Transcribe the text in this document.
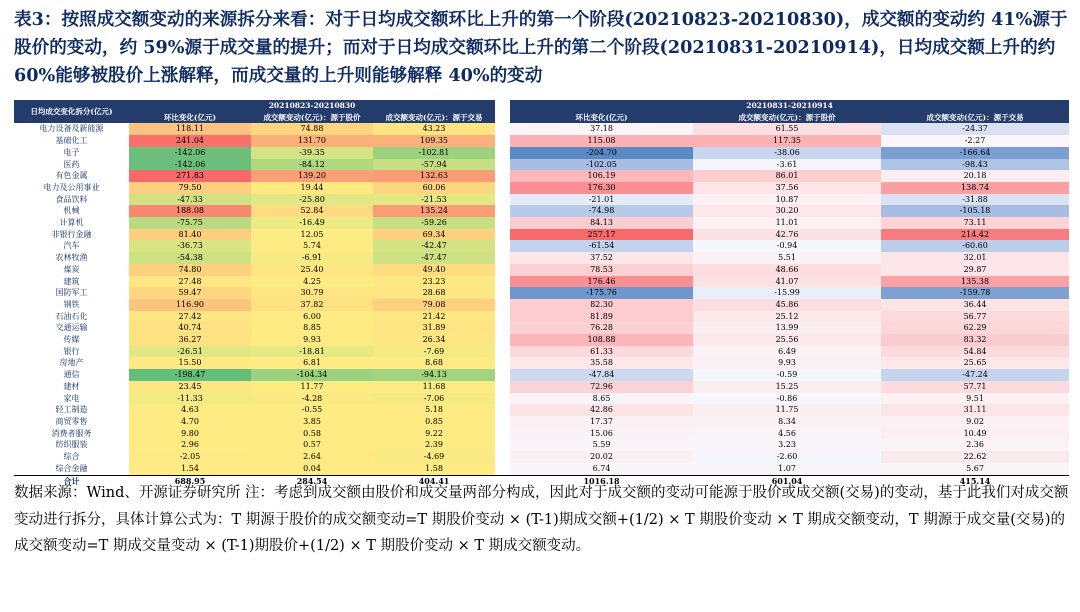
表3：按照成交额变动的来源拆分来看：对于日均成交额环比上升的第一个阶段(20210823-20210830)，成交额的变动约 41%源于股价的变动，约 59%源于成交量的提升；而对于日均成交额环比上升的第二个阶段(20210831-20210914)，日均成交额上升的约 60%能够被股价上涨解释，而成交量的上升则能够解释 40%的变动

日均成交变化拆分(亿元)	20210823-20210830				20210831-20210914		
	环比变化(亿元)	成交额变动(亿元)：源于股价	成交额变动(亿元)：源于交易		环比变化(亿元)	成交额变动(亿元)：源于股价	成交额变动(亿元)：源于交易
电力设备及新能源	118.11	74.88	43.23		37.18	61.55	-24.37
基础化工	241.04	131.70	109.35		115.08	117.35	-2.27
电子	-142.06	-39.35	-102.81		-204.70	-38.06	-166.64
医药	-142.06	-84.12	-57.94		-102.05	-3.61	-98.43
有色金属	271.83	139.20	132.63		106.19	86.01	20.18
电力及公用事业	79.50	19.44	60.06		176.30	37.56	138.74
食品饮料	-47.33	-25.80	-21.53		-21.01	10.87	-31.88
机械	188.08	52.84	135.24		-74.98	30.20	-105.18
计算机	-75.75	-16.49	-59.26		84.13	11.01	73.11
非银行金融	81.40	12.05	69.34		257.17	42.76	214.42
汽车	-36.73	5.74	-42.47		-61.54	-0.94	-60.60
农林牧渔	-54.38	-6.91	-47.47		37.52	5.51	32.01
煤炭	74.80	25.40	49.40		78.53	48.66	29.87
建筑	27.48	4.25	23.23		176.46	41.07	135.38
国防军工	59.47	30.79	28.68		-175.76	-15.99	-159.78
钢铁	116.90	37.82	79.08		82.30	45.86	36.44
石油石化	27.42	6.00	21.42		81.89	25.12	56.77
交通运输	40.74	8.85	31.89		76.28	13.99	62.29
传媒	36.27	9.93	26.34		108.88	25.56	83.32
银行	-26.51	-18.81	-7.69		61.33	6.49	54.84
房地产	15.50	6.81	8.68		35.58	9.93	25.65
通信	-198.47	-104.34	-94.13		-47.84	-0.59	-47.24
建材	23.45	11.77	11.68		72.96	15.25	57.71
家电	-11.33	-4.28	-7.06		8.65	-0.86	9.51
轻工制造	4.63	-0.55	5.18		42.86	11.75	31.11
商贸零售	4.70	3.85	0.85		17.37	8.34	9.02
消费者服务	9.80	0.58	9.22		15.06	4.56	10.49
纺织服装	2.96	0.57	2.39		5.59	3.23	2.36
综合	-2.05	2.64	-4.69		20.02	-2.60	22.62
综合金融	1.54	0.04	1.58		6.74	1.07	5.67
合计	688.95	284.54	404.41		1016.18	601.04	415.14
数据来源：Wind、开源证券研究所 注：考虑到成交额由股价和成交量两部分构成，因此对于成交额的变动可能源于股价或成交额(交易)的变动，基于此我们对成交额变动进行拆分，具体计算公式为：T 期源于股价的成交额变动=T 期股价变动 × (T-1)期成交额+(1/2) × T 期股价变动 × T 期成交额变动，T 期源于成交量(交易)的成交额变动=T 期成交量变动 × (T-1)期股价+(1/2) × T 期股价变动 × T 期成交额变动。
